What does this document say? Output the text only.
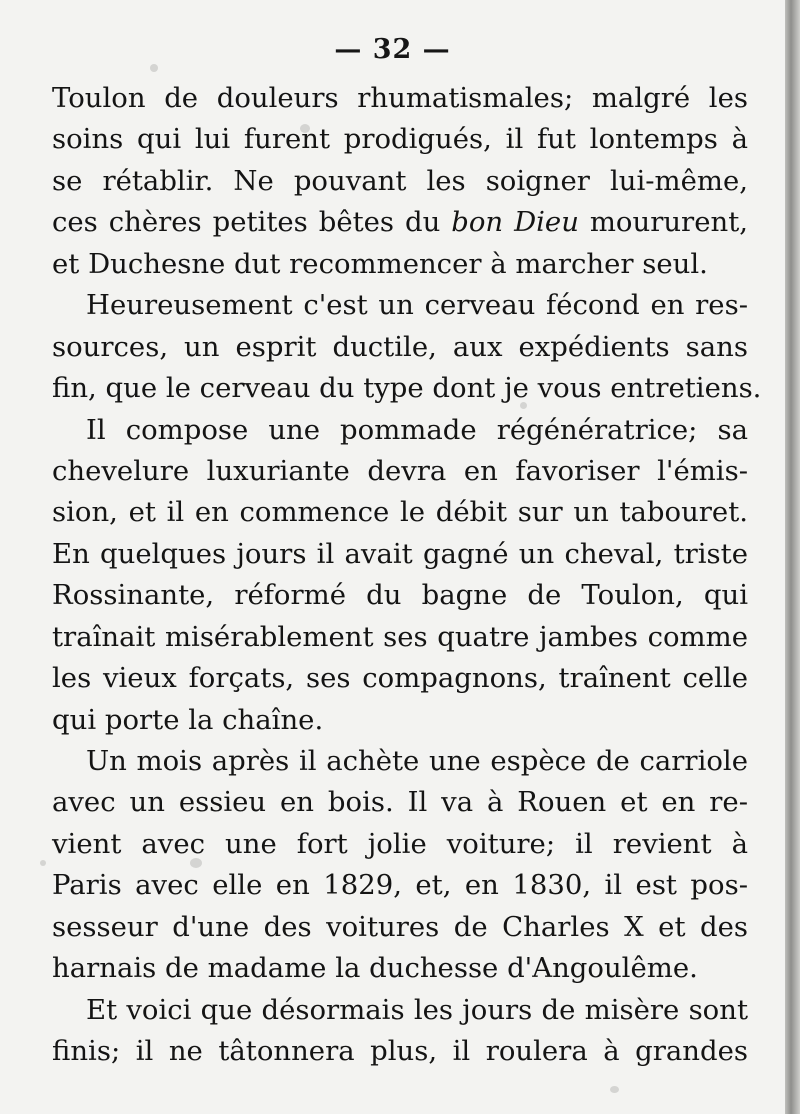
— 32 —
Toulon de douleurs rhumatismales; malgré les
soins qui lui furent prodigués, il fut lontemps à
se rétablir. Ne pouvant les soigner lui-même,
ces chères petites bêtes du bon Dieu moururent,
et Duchesne dut recommencer à marcher seul.
Heureusement c'est un cerveau fécond en res-
sources, un esprit ductile, aux expédients sans
fin, que le cerveau du type dont je vous entretiens.
Il compose une pommade régénératrice; sa
chevelure luxuriante devra en favoriser l'émis-
sion, et il en commence le débit sur un tabouret.
En quelques jours il avait gagné un cheval, triste
Rossinante, réformé du bagne de Toulon, qui
traînait misérablement ses quatre jambes comme
les vieux forçats, ses compagnons, traînent celle
qui porte la chaîne.
Un mois après il achète une espèce de carriole
avec un essieu en bois. Il va à Rouen et en re-
vient avec une fort jolie voiture; il revient à
Paris avec elle en 1829, et, en 1830, il est pos-
sesseur d'une des voitures de Charles X et des
harnais de madame la duchesse d'Angoulême.
Et voici que désormais les jours de misère sont
finis; il ne tâtonnera plus, il roulera à grandes
